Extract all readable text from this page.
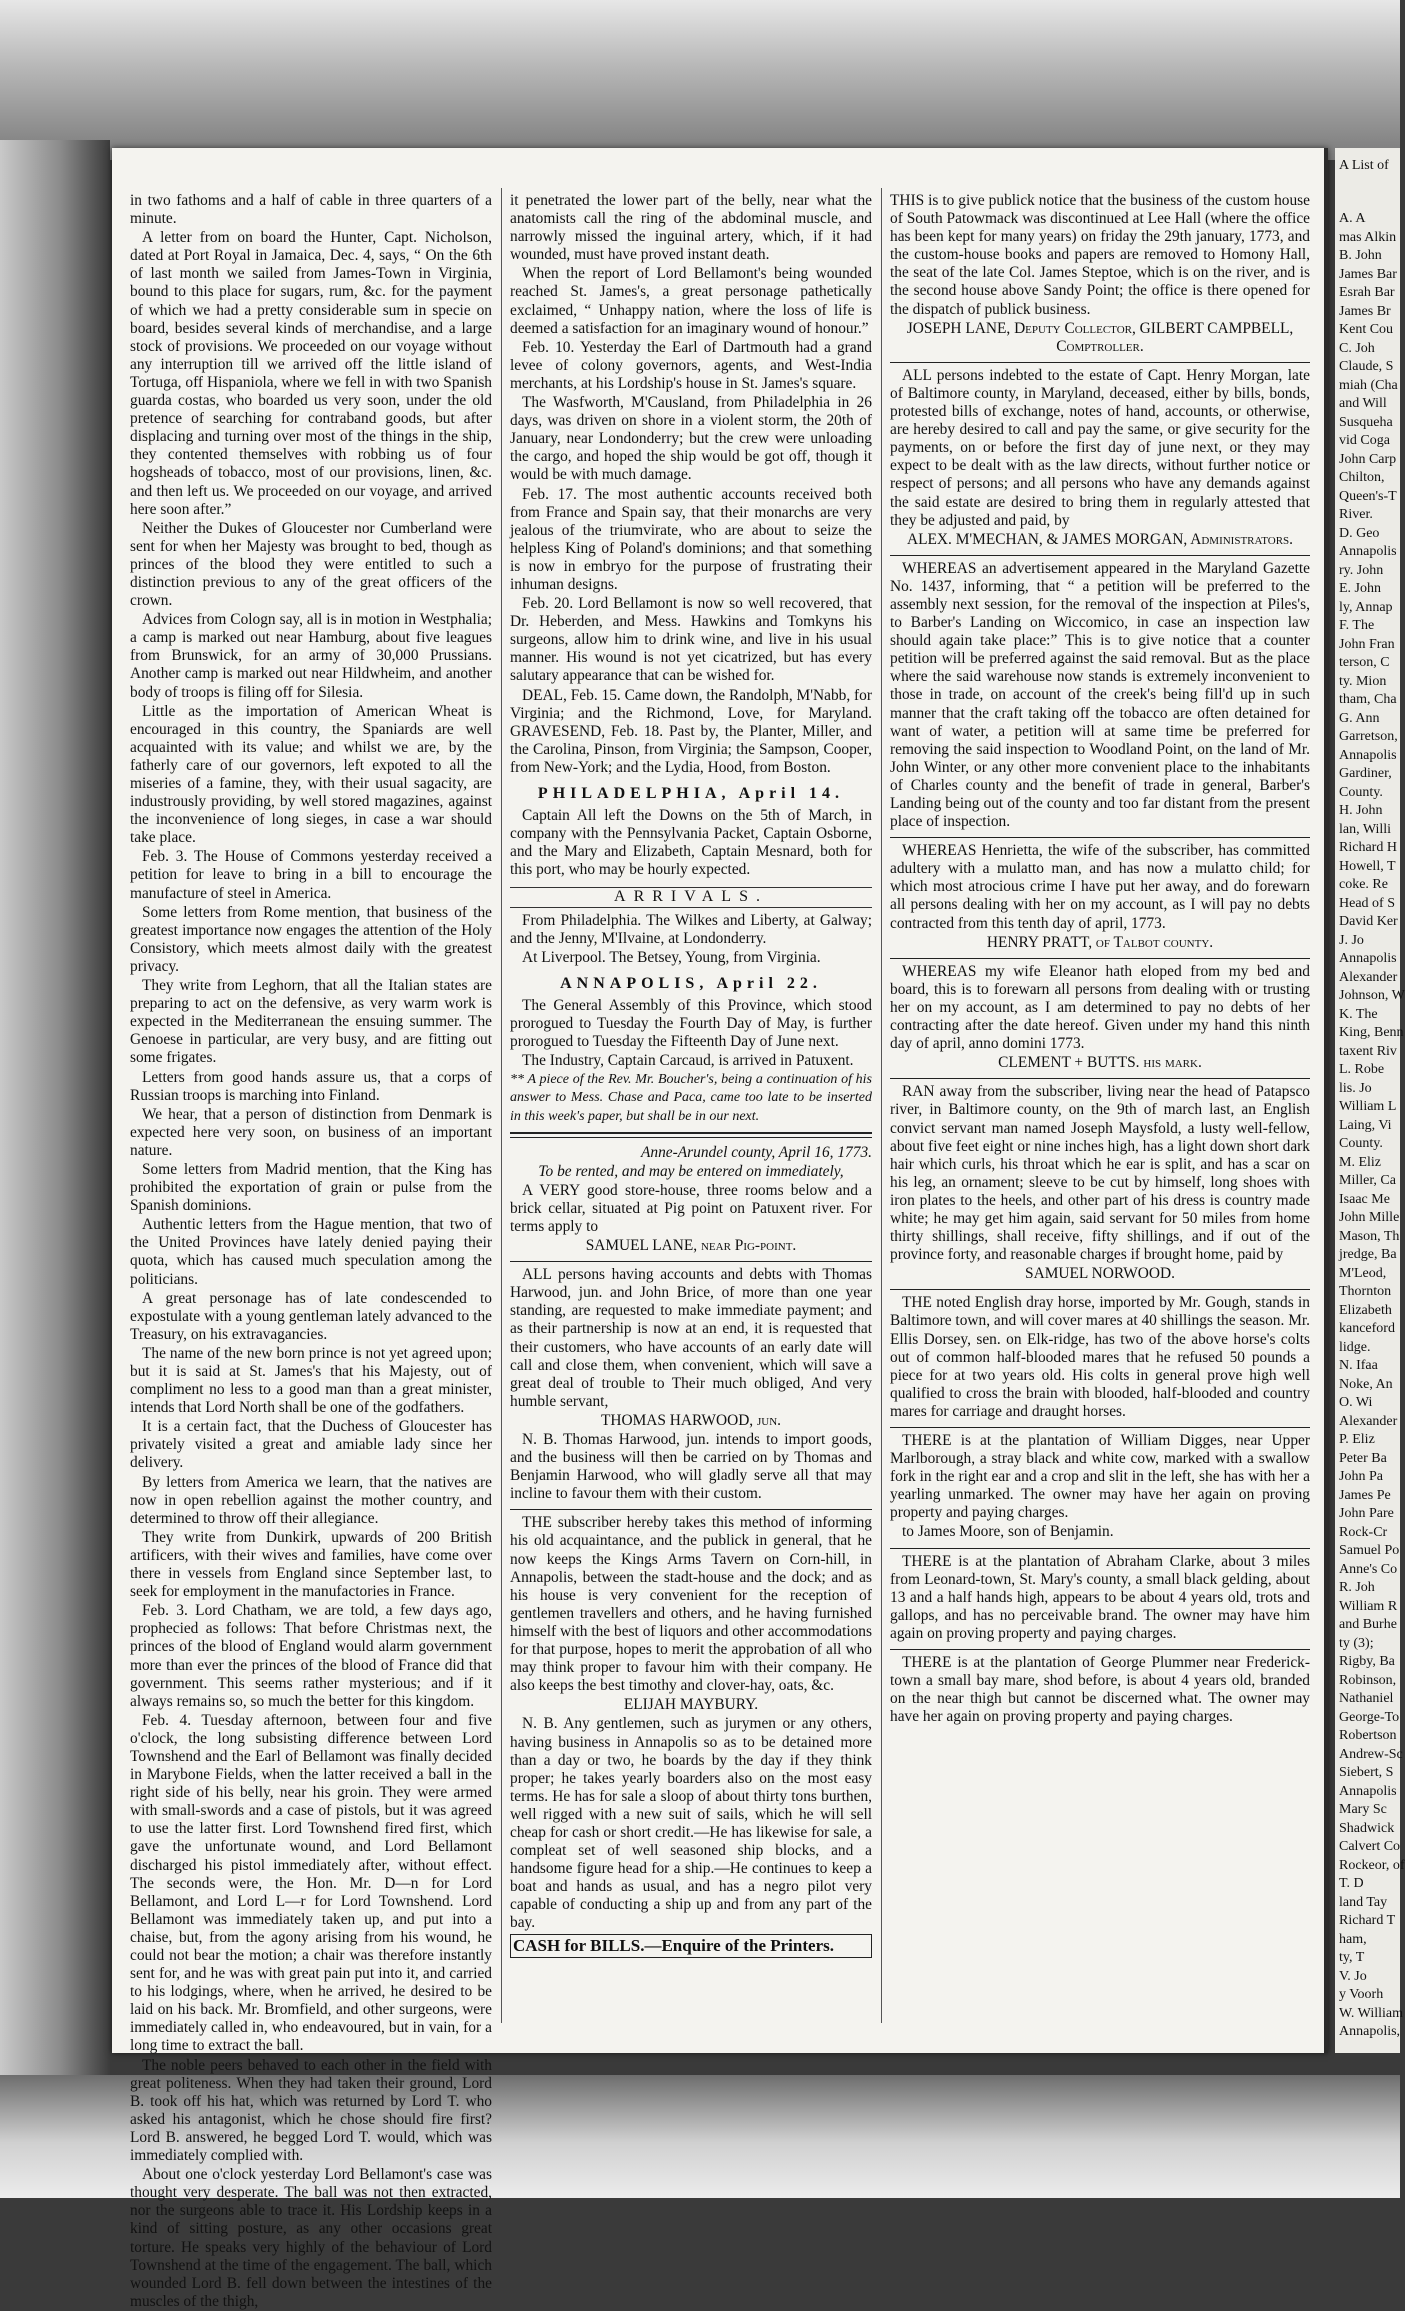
in two fathoms and a half of cable in three quarters of a minute.

A letter from on board the Hunter, Capt. Nicholson, dated at Port Royal in Jamaica, Dec. 4, says, “ On the 6th of last month we sailed from James-Town in Virginia, bound to this place for sugars, rum, &c. for the payment of which we had a pretty considerable sum in specie on board, besides several kinds of merchandise, and a large stock of provisions. We proceeded on our voyage without any interruption till we arrived off the little island of Tortuga, off Hispaniola, where we fell in with two Spanish guarda costas, who boarded us very soon, under the old pretence of searching for contraband goods, but after displacing and turning over most of the things in the ship, they contented themselves with robbing us of four hogsheads of tobacco, most of our provisions, linen, &c. and then left us. We proceeded on our voyage, and arrived here soon after.”

Neither the Dukes of Gloucester nor Cumberland were sent for when her Majesty was brought to bed, though as princes of the blood they were entitled to such a distinction previous to any of the great officers of the crown.

Advices from Cologn say, all is in motion in Westphalia; a camp is marked out near Hamburg, about five leagues from Brunswick, for an army of 30,000 Prussians. Another camp is marked out near Hildwheim, and another body of troops is filing off for Silesia.

Little as the importation of American Wheat is encouraged in this country, the Spaniards are well acquainted with its value; and whilst we are, by the fatherly care of our governors, left expoted to all the miseries of a famine, they, with their usual sagacity, are industrously providing, by well stored magazines, against the inconvenience of long sieges, in case a war should take place.

Feb. 3. The House of Commons yesterday received a petition for leave to bring in a bill to encourage the manufacture of steel in America.

Some letters from Rome mention, that business of the greatest importance now engages the attention of the Holy Consistory, which meets almost daily with the greatest privacy.

They write from Leghorn, that all the Italian states are preparing to act on the defensive, as very warm work is expected in the Mediterranean the ensuing summer. The Genoese in particular, are very busy, and are fitting out some frigates.

Letters from good hands assure us, that a corps of Russian troops is marching into Finland.

We hear, that a person of distinction from Denmark is expected here very soon, on business of an important nature.

Some letters from Madrid mention, that the King has prohibited the exportation of grain or pulse from the Spanish dominions.

Authentic letters from the Hague mention, that two of the United Provinces have lately denied paying their quota, which has caused much speculation among the politicians.

A great personage has of late condescended to expostulate with a young gentleman lately advanced to the Treasury, on his extravagancies.

The name of the new born prince is not yet agreed upon; but it is said at St. James's that his Majesty, out of compliment no less to a good man than a great minister, intends that Lord North shall be one of the godfathers.

It is a certain fact, that the Duchess of Gloucester has privately visited a great and amiable lady since her delivery.

By letters from America we learn, that the natives are now in open rebellion against the mother country, and determined to throw off their allegiance.

They write from Dunkirk, upwards of 200 British artificers, with their wives and families, have come over there in vessels from England since September last, to seek for employment in the manufactories in France.

Feb. 3. Lord Chatham, we are told, a few days ago, prophecied as follows: That before Christmas next, the princes of the blood of England would alarm government more than ever the princes of the blood of France did that government. This seems rather mysterious; and if it always remains so, so much the better for this kingdom.

Feb. 4. Tuesday afternoon, between four and five o'clock, the long subsisting difference between Lord Townshend and the Earl of Bellamont was finally decided in Marybone Fields, when the latter received a ball in the right side of his belly, near his groin. They were armed with small-swords and a case of pistols, but it was agreed to use the latter first. Lord Townshend fired first, which gave the unfortunate wound, and Lord Bellamont discharged his pistol immediately after, without effect. The seconds were, the Hon. Mr. D—n for Lord Bellamont, and Lord L—r for Lord Townshend. Lord Bellamont was immediately taken up, and put into a chaise, but, from the agony arising from his wound, he could not bear the motion; a chair was therefore instantly sent for, and he was with great pain put into it, and carried to his lodgings, where, when he arrived, he desired to be laid on his back. Mr. Bromfield, and other surgeons, were immediately called in, who endeavoured, but in vain, for a long time to extract the ball.

The noble peers behaved to each other in the field with great politeness. When they had taken their ground, Lord B. took off his hat, which was returned by Lord T. who asked his antagonist, which he chose should fire first? Lord B. answered, he begged Lord T. would, which was immediately complied with.

About one o'clock yesterday Lord Bellamont's case was thought very desperate. The ball was not then extracted, nor the surgeons able to trace it. His Lordship keeps in a kind of sitting posture, as any other occasions great torture. He speaks very highly of the behaviour of Lord Townshend at the time of the engagement. The ball, which wounded Lord B. fell down between the intestines of the muscles of the thigh,

it penetrated the lower part of the belly, near what the anatomists call the ring of the abdominal muscle, and narrowly missed the inguinal artery, which, if it had wounded, must have proved instant death.

When the report of Lord Bellamont's being wounded reached St. James's, a great personage pathetically exclaimed, “ Unhappy nation, where the loss of life is deemed a satisfaction for an imaginary wound of honour.”

Feb. 10. Yesterday the Earl of Dartmouth had a grand levee of colony governors, agents, and West-India merchants, at his Lordship's house in St. James's square.

The Wasfworth, M'Causland, from Philadelphia in 26 days, was driven on shore in a violent storm, the 20th of January, near Londonderry; but the crew were unloading the cargo, and hoped the ship would be got off, though it would be with much damage.

Feb. 17. The most authentic accounts received both from France and Spain say, that their monarchs are very jealous of the triumvirate, who are about to seize the helpless King of Poland's dominions; and that something is now in embryo for the purpose of frustrating their inhuman designs.

Feb. 20. Lord Bellamont is now so well recovered, that Dr. Heberden, and Mess. Hawkins and Tomkyns his surgeons, allow him to drink wine, and live in his usual manner. His wound is not yet cicatrized, but has every salutary appearance that can be wished for.

DEAL, Feb. 15. Came down, the Randolph, M'Nabb, for Virginia; and the Richmond, Love, for Maryland. GRAVESEND, Feb. 18. Past by, the Planter, Miller, and the Carolina, Pinson, from Virginia; the Sampson, Cooper, from New-York; and the Lydia, Hood, from Boston.

PHILADELPHIA, April 14.

Captain All left the Downs on the 5th of March, in company with the Pennsylvania Packet, Captain Osborne, and the Mary and Elizabeth, Captain Mesnard, both for this port, who may be hourly expected.

ARRIVALS.

From Philadelphia. The Wilkes and Liberty, at Galway; and the Jenny, M'Ilvaine, at Londonderry.

At Liverpool. The Betsey, Young, from Virginia.

ANNAPOLIS, April 22.

The General Assembly of this Province, which stood prorogued to Tuesday the Fourth Day of May, is further prorogued to Tuesday the Fifteenth Day of June next.

The Industry, Captain Carcaud, is arrived in Patuxent.

** A piece of the Rev. Mr. Boucher's, being a continuation of his answer to Mess. Chase and Paca, came too late to be inserted in this week's paper, but shall be in our next.

Anne-Arundel county, April 16, 1773.

To be rented, and may be entered on immediately,

A VERY good store-house, three rooms below and a brick cellar, situated at Pig point on Patuxent river. For terms apply to

SAMUEL LANE, near Pig-point.

ALL persons having accounts and debts with Thomas Harwood, jun. and John Brice, of more than one year standing, are requested to make immediate payment; and as their partnership is now at an end, it is requested that their customers, who have accounts of an early date will call and close them, when convenient, which will save a great deal of trouble to Their much obliged, And very humble servant,

THOMAS HARWOOD, jun.

N. B. Thomas Harwood, jun. intends to import goods, and the business will then be carried on by Thomas and Benjamin Harwood, who will gladly serve all that may incline to favour them with their custom.

THE subscriber hereby takes this method of informing his old acquaintance, and the publick in general, that he now keeps the Kings Arms Tavern on Corn-hill, in Annapolis, between the stadt-house and the dock; and as his house is very convenient for the reception of gentlemen travellers and others, and he having furnished himself with the best of liquors and other accommodations for that purpose, hopes to merit the approbation of all who may think proper to favour him with their company. He also keeps the best timothy and clover-hay, oats, &c.

ELIJAH MAYBURY.

N. B. Any gentlemen, such as jurymen or any others, having business in Annapolis so as to be detained more than a day or two, he boards by the day if they think proper; he takes yearly boarders also on the most easy terms. He has for sale a sloop of about thirty tons burthen, well rigged with a new suit of sails, which he will sell cheap for cash or short credit.—He has likewise for sale, a compleat set of well seasoned ship blocks, and a handsome figure head for a ship.—He continues to keep a boat and hands as usual, and has a negro pilot very capable of conducting a ship up and from any part of the bay.

CASH for BILLS.—Enquire of the Printers.

THIS is to give publick notice that the business of the custom house of South Patowmack was discontinued at Lee Hall (where the office has been kept for many years) on friday the 29th january, 1773, and the custom-house books and papers are removed to Homony Hall, the seat of the late Col. James Steptoe, which is on the river, and is the second house above Sandy Point; the office is there opened for the dispatch of publick business.

JOSEPH LANE, Deputy Collector, GILBERT CAMPBELL, Comptroller.

ALL persons indebted to the estate of Capt. Henry Morgan, late of Baltimore county, in Maryland, deceased, either by bills, bonds, protested bills of exchange, notes of hand, accounts, or otherwise, are hereby desired to call and pay the same, or give security for the payments, on or before the first day of june next, or they may expect to be dealt with as the law directs, without further notice or respect of persons; and all persons who have any demands against the said estate are desired to bring them in regularly attested that they be adjusted and paid, by

ALEX. M'MECHAN, & JAMES MORGAN, Administrators.

WHEREAS an advertisement appeared in the Maryland Gazette No. 1437, informing, that “ a petition will be preferred to the assembly next session, for the removal of the inspection at Piles's, to Barber's Landing on Wiccomico, in case an inspection law should again take place:” This is to give notice that a counter petition will be preferred against the said removal. But as the place where the said warehouse now stands is extremely inconvenient to those in trade, on account of the creek's being fill'd up in such manner that the craft taking off the tobacco are often detained for want of water, a petition will at same time be preferred for removing the said inspection to Woodland Point, on the land of Mr. John Winter, or any other more convenient place to the inhabitants of Charles county and the benefit of trade in general, Barber's Landing being out of the county and too far distant from the present place of inspection.

WHEREAS Henrietta, the wife of the subscriber, has committed adultery with a mulatto man, and has now a mulatto child; for which most atrocious crime I have put her away, and do forewarn all persons dealing with her on my account, as I will pay no debts contracted from this tenth day of april, 1773.

HENRY PRATT, of Talbot county.

WHEREAS my wife Eleanor hath eloped from my bed and board, this is to forewarn all persons from dealing with or trusting her on my account, as I am determined to pay no debts of her contracting after the date hereof. Given under my hand this ninth day of april, anno domini 1773.

CLEMENT + BUTTS. his mark.

RAN away from the subscriber, living near the head of Patapsco river, in Baltimore county, on the 9th of march last, an English convict servant man named Joseph Maysfold, a lusty well-fellow, about five feet eight or nine inches high, has a light down short dark hair which curls, his throat which he ear is split, and has a scar on his leg, an ornament; sleeve to be cut by himself, long shoes with iron plates to the heels, and other part of his dress is country made white; he may get him again, said servant for 50 miles from home thirty shillings, shall receive, fifty shillings, and if out of the province forty, and reasonable charges if brought home, paid by

SAMUEL NORWOOD.

THE noted English dray horse, imported by Mr. Gough, stands in Baltimore town, and will cover mares at 40 shillings the season. Mr. Ellis Dorsey, sen. on Elk-ridge, has two of the above horse's colts out of common half-blooded mares that he refused 50 pounds a piece for at two years old. His colts in general prove high well qualified to cross the brain with blooded, half-blooded and country mares for carriage and draught horses.

THERE is at the plantation of William Digges, near Upper Marlborough, a stray black and white cow, marked with a swallow fork in the right ear and a crop and slit in the left, she has with her a yearling unmarked. The owner may have her again on proving property and paying charges.

to James Moore, son of Benjamin.

THERE is at the plantation of Abraham Clarke, about 3 miles from Leonard-town, St. Mary's county, a small black gelding, about 13 and a half hands high, appears to be about 4 years old, trots and gallops, and has no perceivable brand. The owner may have him again on proving property and paying charges.

THERE is at the plantation of George Plummer near Frederick-town a small bay mare, shod before, is about 4 years old, branded on the near thigh but cannot be discerned what. The owner may have her again on proving property and paying charges.

A List of
A. A
mas Alkin
B. John
James Bar
Esrah Bar
James Br
Kent Cou
C. Joh
Claude, S
miah (Cha
and Will
Susqueha
vid Coga
John Carp
Chilton,
Queen's-T
River.
D. Geo
Annapolis
ry. John
E. John
ly, Annap
F. The
John Fran
terson, C
ty. Mion
tham, Cha
G. Ann
Garretson,
Annapolis
Gardiner,
County.
H. John
lan, Willi
Richard H
Howell, T
coke. Re
Head of S
David Ker
J. Jo
Annapolis
Alexander
Johnson, W
K. The
King, Benn
taxent Riv
L. Robe
lis. Jo
William L
Laing, Vi
County.
M. Eliz
Miller, Ca
Isaac Me
John Mille
Mason, Th
jredge, Ba
M'Leod,
Thornton
Elizabeth
kanceford
lidge.
N. Ifaa
Noke, An
O. Wi
Alexander
P. Eliz
Peter Ba
John Pa
James Pe
John Pare
Rock-Cr
Samuel Po
Anne's Co
R. Joh
William R
and Burhe
ty (3);
Rigby, Ba
Robinson,
Nathaniel
George-To
Robertson
Andrew-Sc
Siebert, S
Annapolis
Mary Sc
Shadwick
Calvert Co
Rockeor, of
T. D
land Tay
Richard T
ham,
ty, T
V. Jo
y Voorh
W. William
Annapolis,
